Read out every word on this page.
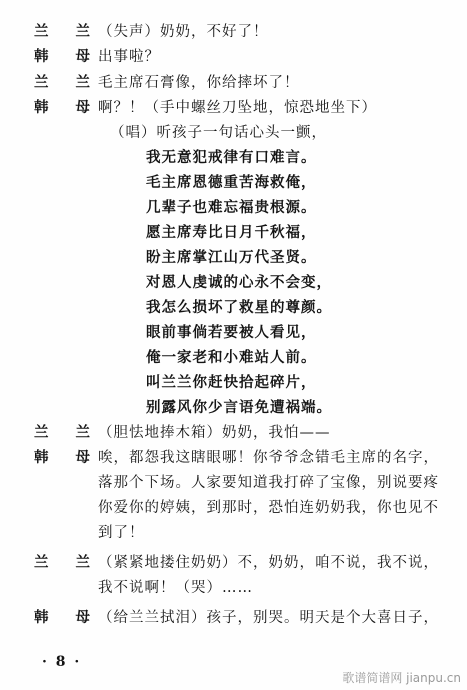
兰 兰
（失声）奶奶，不好了！
韩 母
出事啦？
兰 兰
毛主席石膏像，你给摔坏了！
韩 母
啊？！（手中螺丝刀坠地，惊恐地坐下）
（唱）听孩子一句话心头一颤，
我无意犯戒律有口难言。
毛主席恩德重苦海救俺，
几辈子也难忘福贵根源。
愿主席寿比日月千秋福，
盼主席掌江山万代圣贤。
对恩人虔诚的心永不会变，
我怎么损坏了救星的尊颜。
眼前事倘若要被人看见，
俺一家老和小难站人前。
叫兰兰你赶快拾起碎片，
别露风你少言语免遭祸端。
兰 兰
（胆怯地捧木箱）奶奶，我怕——
韩 母
唉，都怨我这瞎眼哪！你爷爷念错毛主席的名字，
落那个下场。人家要知道我打碎了宝像，别说要疼
你爱你的婷姨，到那时，恐怕连奶奶我，你也见不
到了！
兰 兰
（紧紧地搂住奶奶）不，奶奶，咱不说，我不说，
我不说啊！（哭）……
韩 母
（给兰兰拭泪）孩子，别哭。明天是个大喜日子，
· 8 ·
歌谱简谱网 jianpu.cn
